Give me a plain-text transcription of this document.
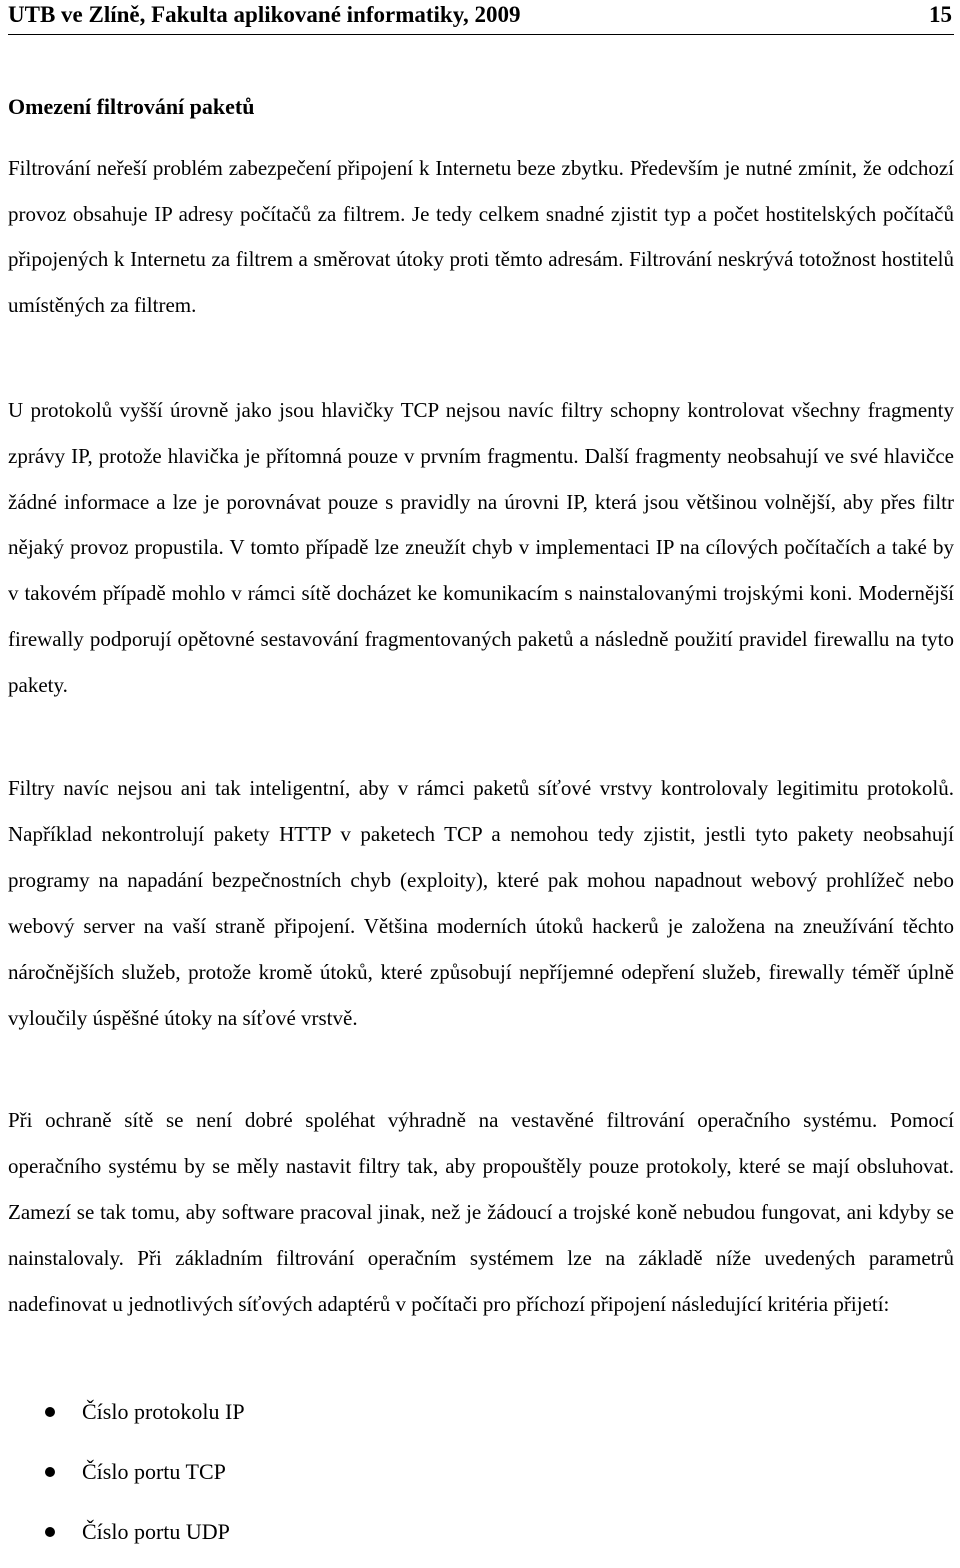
UTB ve Zlíně, Fakulta aplikované informatiky, 2009	15
Omezení filtrování paketů

Filtrování neřeší problém zabezpečení připojení k Internetu beze zbytku. Především je nutné zmínit, že odchozí provoz obsahuje IP adresy počítačů za filtrem. Je tedy celkem snadné zjistit typ a počet hostitelských počítačů připojených k Internetu za filtrem a směrovat útoky proti těmto adresám. Filtrování neskrývá totožnost hostitelů umístěných za filtrem.

U protokolů vyšší úrovně jako jsou hlavičky TCP nejsou navíc filtry schopny kontrolovat všechny fragmenty zprávy IP, protože hlavička je přítomná pouze v prvním fragmentu. Další fragmenty neobsahují ve své hlavičce žádné informace a lze je porovnávat pouze s pravidly na úrovni IP, která jsou většinou volnější, aby přes filtr nějaký provoz propustila. V tomto případě lze zneužít chyb v implementaci IP na cílových počítačích a také by v takovém případě mohlo v rámci sítě docházet ke komunikacím s nainstalovanými trojskými koni. Modernější firewally podporují opětovné sestavování fragmentovaných paketů a následně použití pravidel firewallu na tyto pakety.

Filtry navíc nejsou ani tak inteligentní, aby v rámci paketů síťové vrstvy kontrolovaly legitimitu protokolů. Například nekontrolují pakety HTTP v paketech TCP a nemohou tedy zjistit, jestli tyto pakety neobsahují programy na napadání bezpečnostních chyb (exploity), které pak mohou napadnout webový prohlížeč nebo webový server na vaší straně připojení. Většina moderních útoků hackerů je založena na zneužívání těchto náročnějších služeb, protože kromě útoků, které způsobují nepříjemné odepření služeb, firewally téměř úplně vyloučily úspěšné útoky na síťové vrstvě.

Při ochraně sítě se není dobré spoléhat výhradně na vestavěné filtrování operačního systému. Pomocí operačního systému by se měly nastavit filtry tak, aby propouštěly pouze protokoly, které se mají obsluhovat. Zamezí se tak tomu, aby software pracoval jinak, než je žádoucí a trojské koně nebudou fungovat, ani kdyby se nainstalovaly. Při základním filtrování operačním systémem lze na základě níže uvedených parametrů nadefinovat u jednotlivých síťových adaptérů v počítači pro příchozí připojení následující kritéria přijetí:

Číslo protokolu IP
Číslo portu TCP
Číslo portu UDP
